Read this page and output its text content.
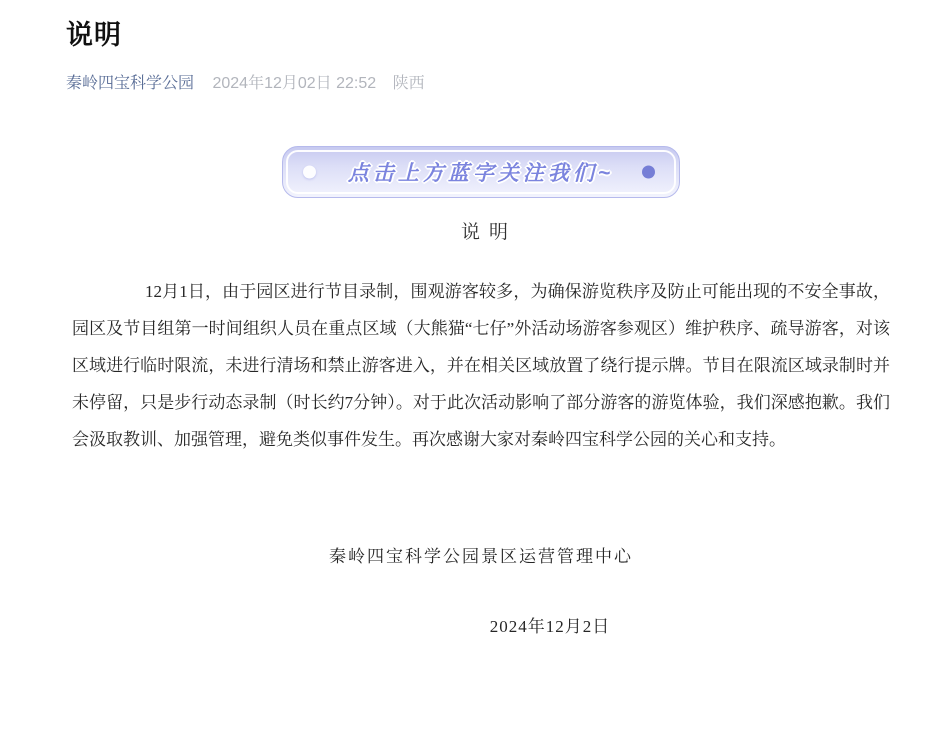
说明
秦岭四宝科学公园 2024年12月02日 22:52 陕西
点击上方蓝字关注我们~
说明

12月1日，由于园区进行节目录制，围观游客较多，为确保游览秩序及防止可能出现的不安全事故，园区及节目组第一时间组织人员在重点区域（大熊猫“七仔”外活动场游客参观区）维护秩序、疏导游客，对该区域进行临时限流，未进行清场和禁止游客进入，并在相关区域放置了绕行提示牌。节目在限流区域录制时并未停留，只是步行动态录制（时长约7分钟）。对于此次活动影响了部分游客的游览体验，我们深感抱歉。我们会汲取教训、加强管理，避免类似事件发生。再次感谢大家对秦岭四宝科学公园的关心和支持。

秦岭四宝科学公园景区运营管理中心
2024年12月2日
